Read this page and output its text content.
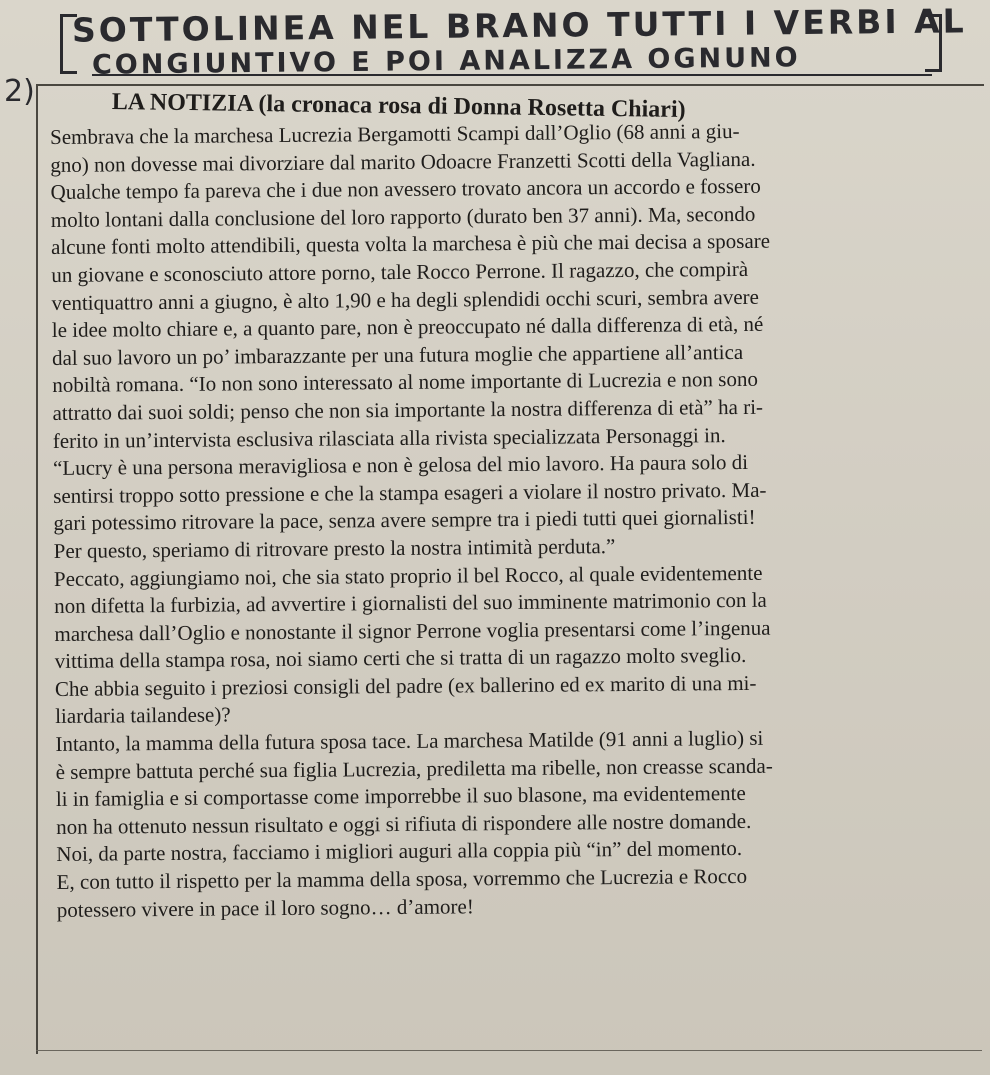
SOTTOLINEA NEL BRANO TUTTI I VERBI AL
CONGIUNTIVO E POI ANALIZZA OGNUNO
2)	LA NOTIZIA (la cronaca rosa di Donna Rosetta Chiari)
Sembrava che la marchesa Lucrezia Bergamotti Scampi dall’Oglio (68 anni a giu-
gno) non dovesse mai divorziare dal marito Odoacre Franzetti Scotti della Vagliana.
Qualche tempo fa pareva che i due non avessero trovato ancora un accordo e fossero
molto lontani dalla conclusione del loro rapporto (durato ben 37 anni). Ma, secondo
alcune fonti molto attendibili, questa volta la marchesa è più che mai decisa a sposare
un giovane e sconosciuto attore porno, tale Rocco Perrone. Il ragazzo, che compirà
ventiquattro anni a giugno, è alto 1,90 e ha degli splendidi occhi scuri, sembra avere
le idee molto chiare e, a quanto pare, non è preoccupato né dalla differenza di età, né
dal suo lavoro un po’ imbarazzante per una futura moglie che appartiene all’antica
nobiltà romana. “Io non sono interessato al nome importante di Lucrezia e non sono
attratto dai suoi soldi; penso che non sia importante la nostra differenza di età” ha ri-
ferito in un’intervista esclusiva rilasciata alla rivista specializzata Personaggi in.
“Lucry è una persona meravigliosa e non è gelosa del mio lavoro. Ha paura solo di
sentirsi troppo sotto pressione e che la stampa esageri a violare il nostro privato. Ma-
gari potessimo ritrovare la pace, senza avere sempre tra i piedi tutti quei giornalisti!
Per questo, speriamo di ritrovare presto la nostra intimità perduta.”
Peccato, aggiungiamo noi, che sia stato proprio il bel Rocco, al quale evidentemente
non difetta la furbizia, ad avvertire i giornalisti del suo imminente matrimonio con la
marchesa dall’Oglio e nonostante il signor Perrone voglia presentarsi come l’ingenua
vittima della stampa rosa, noi siamo certi che si tratta di un ragazzo molto sveglio.
Che abbia seguito i preziosi consigli del padre (ex ballerino ed ex marito di una mi-
liardaria tailandese)?
Intanto, la mamma della futura sposa tace. La marchesa Matilde (91 anni a luglio) si
è sempre battuta perché sua figlia Lucrezia, prediletta ma ribelle, non creasse scanda-
li in famiglia e si comportasse come imporrebbe il suo blasone, ma evidentemente
non ha ottenuto nessun risultato e oggi si rifiuta di rispondere alle nostre domande.
Noi, da parte nostra, facciamo i migliori auguri alla coppia più “in” del momento.
E, con tutto il rispetto per la mamma della sposa, vorremmo che Lucrezia e Rocco
potessero vivere in pace il loro sogno… d’amore!
